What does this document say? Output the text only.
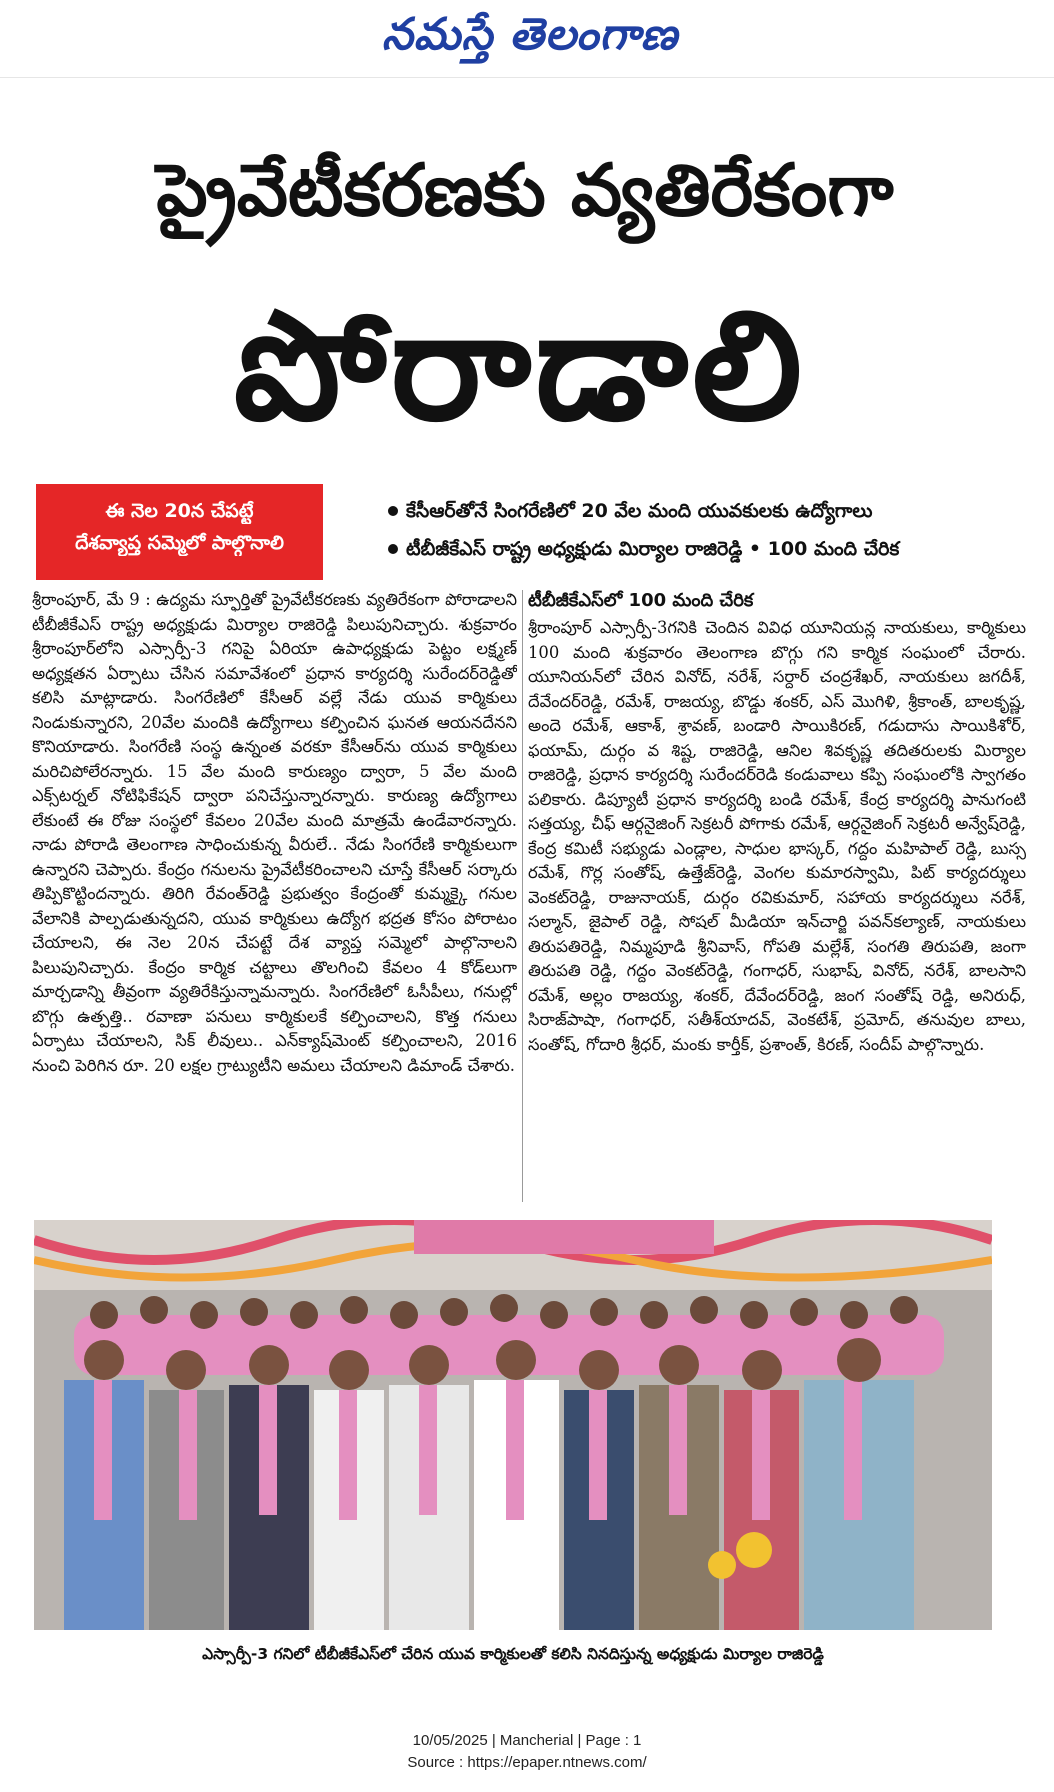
నమస్తే తెలంగాణ
ప్రైవేటీకరణకు వ్యతిరేకంగా
పోరాడాలి
ఈ నెల 20న చేపట్టే
దేశవ్యాప్త సమ్మెలో పాల్గొనాలి
కేసీఆర్‌తోనే సింగరేణిలో 20 వేల మంది యువకులకు ఉద్యోగాలు
టీబీజీకేఎస్ రాష్ట్ర అధ్యక్షుడు మిర్యాల రాజిరెడ్డి • 100 మంది చేరిక

శ్రీరాంపూర్, మే 9 : ఉద్యమ స్ఫూర్తితో ప్రైవేటీకరణకు వ్యతిరేకంగా పోరాడాలని టీబీజీకేఎస్ రాష్ట్ర అధ్యక్షుడు మిర్యాల రాజిరెడ్డి పిలుపునిచ్చారు. శుక్రవారం శ్రీరాంపూర్‌లోని ఎస్సార్పీ-3 గనిపై ఏరియా ఉపాధ్యక్షుడు పెట్టం లక్ష్మణ్ అధ్యక్షతన ఏర్పాటు చేసిన సమావేశంలో ప్రధాన కార్యదర్శి సురేందర్‌రెడ్డితో కలిసి మాట్లాడారు. సింగరేణిలో కేసీఆర్ వల్లే నేడు యువ కార్మికులు నిండుకున్నారని, 20వేల మందికి ఉద్యోగాలు కల్పించిన ఘనత ఆయనదేనని కొనియాడారు. సింగరేణి సంస్థ ఉన్నంత వరకూ కేసీఆర్‌ను యువ కార్మికులు మరిచిపోలేరన్నారు. 15 వేల మంది కారుణ్యం ద్వారా, 5 వేల మంది ఎక్స్‌టర్నల్ నోటిఫికేషన్ ద్వారా పనిచేస్తున్నారన్నారు. కారుణ్య ఉద్యోగాలు లేకుంటే ఈ రోజు సంస్థలో కేవలం 20వేల మంది మాత్రమే ఉండేవారన్నారు. నాడు పోరాడి తెలంగాణ సాధించుకున్న వీరులే.. నేడు సింగరేణి కార్మికులుగా ఉన్నారని చెప్పారు. కేంద్రం గనులను ప్రైవేటీకరించాలని చూస్తే కేసీఆర్ సర్కారు తిప్పికొట్టిందన్నారు. తిరిగి రేవంత్‌రెడ్డి ప్రభుత్వం కేంద్రంతో కుమ్మక్కై గనుల వేలానికి పాల్పడుతున్నదని, యువ కార్మికులు ఉద్యోగ భద్రత కోసం పోరాటం చేయాలని, ఈ నెల 20న చేపట్టే దేశ వ్యాప్త సమ్మెలో పాల్గొనాలని పిలుపునిచ్చారు. కేంద్రం కార్మిక చట్టాలు తొలగించి కేవలం 4 కోడ్‌లుగా మార్చడాన్ని తీవ్రంగా వ్యతిరేకిస్తున్నామన్నారు. సింగరేణిలో ఓసీపీలు, గనుల్లో బొగ్గు ఉత్పత్తి.. రవాణా పనులు కార్మికులకే కల్పించాలని, కొత్త గనులు ఏర్పాటు చేయాలని, సిక్ లీవులు.. ఎన్‌క్యాష్‌మెంట్ కల్పించాలని, 2016 నుంచి పెరిగిన రూ. 20 లక్షల గ్రాట్యుటీని అమలు చేయాలని డిమాండ్ చేశారు.

టీబీజీకేఎస్‌లో 100 మంది చేరిక

శ్రీరాంపూర్ ఎస్సార్పీ-3గనికి చెందిన వివిధ యూనియన్ల నాయకులు, కార్మికులు 100 మంది శుక్రవారం తెలంగాణ బొగ్గు గని కార్మిక సంఘంలో చేరారు. యూనియన్‌లో చేరిన వినోద్, నరేశ్, సర్దార్ చంద్రశేఖర్, నాయకులు జగదీశ్, దేవేందర్‌రెడ్డి, రమేశ్, రాజయ్య, బొడ్డు శంకర్, ఎస్ మొగిళి, శ్రీకాంత్, బాలకృష్ణ, అందె రమేశ్, ఆకాశ్, శ్రావణ్, బండారి సాయికిరణ్, గడుదాసు సాయికిశోర్, ఫయామ్, దుర్గం వ శిష్ట, రాజిరెడ్డి, ఆనిల శివకృష్ణ తదితరులకు మిర్యాల రాజిరెడ్డి, ప్రధాన కార్యదర్శి సురేందర్‌రెడి కండువాలు కప్పి సంఘంలోకి స్వాగతం పలికారు. డిప్యూటీ ప్రధాన కార్యదర్శి బండి రమేశ్, కేంద్ర కార్యదర్శి పానుగంటి సత్తయ్య, చీఫ్ ఆర్గనైజింగ్ సెక్రటరీ పోగాకు రమేశ్, ఆర్గనైజింగ్ సెక్రటరీ అన్వేష్‌రెడ్డి, కేంద్ర కమిటీ సభ్యుడు ఎండ్లాల, సాధుల భాస్కర్, గద్దం మహిపాల్ రెడ్డి, బుస్స రమేశ్, గొర్ల సంతోష్, ఉత్తేజ్‌రెడ్డి, వెంగల కుమారస్వామి, పిట్ కార్యదర్శులు వెంకట్‌రెడ్డి, రాజునాయక్, దుర్గం రవికుమార్, సహాయ కార్యదర్శులు నరేశ్, సల్మాన్, జైపాల్ రెడ్డి, సోషల్ మీడియా ఇన్‌చార్జి పవన్‌కల్యాణ్, నాయకులు తిరుపతిరెడ్డి, నిమ్మపూడి శ్రీనివాస్, గోపతి మల్లేశ్, సంగతి తిరుపతి, జంగా తిరుపతి రెడ్డి, గద్దం వెంకట్‌రెడ్డి, గంగాధర్, సుభాష్, వినోద్, నరేశ్, బాలసాని రమేశ్, అల్లం రాజయ్య, శంకర్, దేవేందర్‌రెడ్డి, జంగ సంతోష్ రెడ్డి, అనిరుధ్, సిరాజ్‌పాషా, గంగాధర్, సతీశ్‌యాదవ్, వెంకటేశ్, ప్రమోద్, తనువుల బాలు, సంతోష్, గోదారి శ్రీధర్, మంకు కార్తీక్, ప్రశాంత్, కిరణ్, సందీప్ పాల్గొన్నారు.

ఎస్సార్పీ-3 గనిలో టీబీజీకేఎస్‌లో చేరిన యువ కార్మికులతో కలిసి నినదిస్తున్న అధ్యక్షుడు మిర్యాల రాజిరెడ్డి
10/05/2025 | Mancherial | Page : 1
Source : https://epaper.ntnews.com/
